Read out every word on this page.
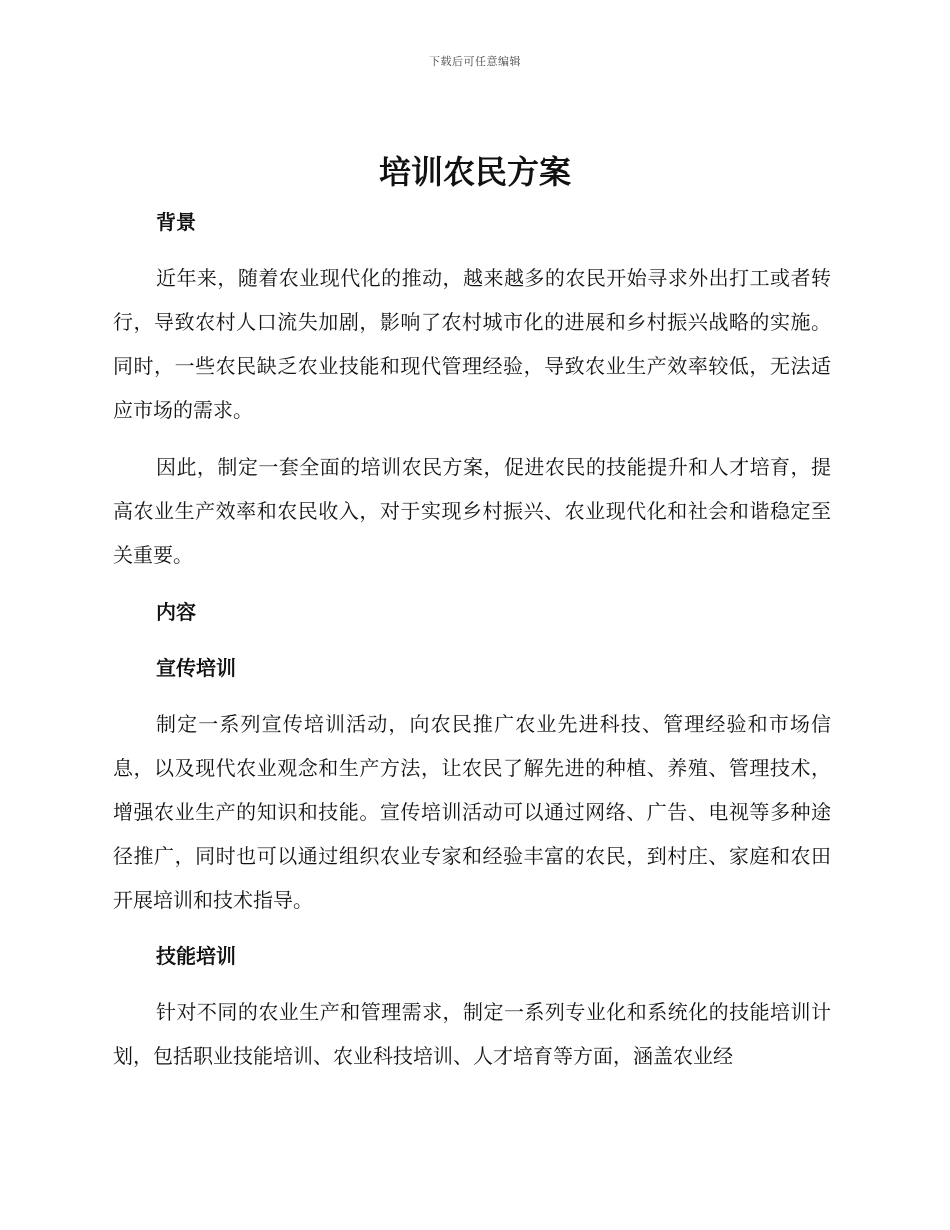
下载后可任意编辑
培训农民方案

背景

近年来，随着农业现代化的推动，越来越多的农民开始寻求外出打工或者转行，导致农村人口流失加剧，影响了农村城市化的进展和乡村振兴战略的实施。同时，一些农民缺乏农业技能和现代管理经验，导致农业生产效率较低，无法适应市场的需求。

因此，制定一套全面的培训农民方案，促进农民的技能提升和人才培育，提高农业生产效率和农民收入，对于实现乡村振兴、农业现代化和社会和谐稳定至关重要。

内容

宣传培训

制定一系列宣传培训活动，向农民推广农业先进科技、管理经验和市场信息，以及现代农业观念和生产方法，让农民了解先进的种植、养殖、管理技术，增强农业生产的知识和技能。宣传培训活动可以通过网络、广告、电视等多种途径推广，同时也可以通过组织农业专家和经验丰富的农民，到村庄、家庭和农田开展培训和技术指导。

技能培训

针对不同的农业生产和管理需求，制定一系列专业化和系统化的技能培训计划，包括职业技能培训、农业科技培训、人才培育等方面，涵盖农业经
